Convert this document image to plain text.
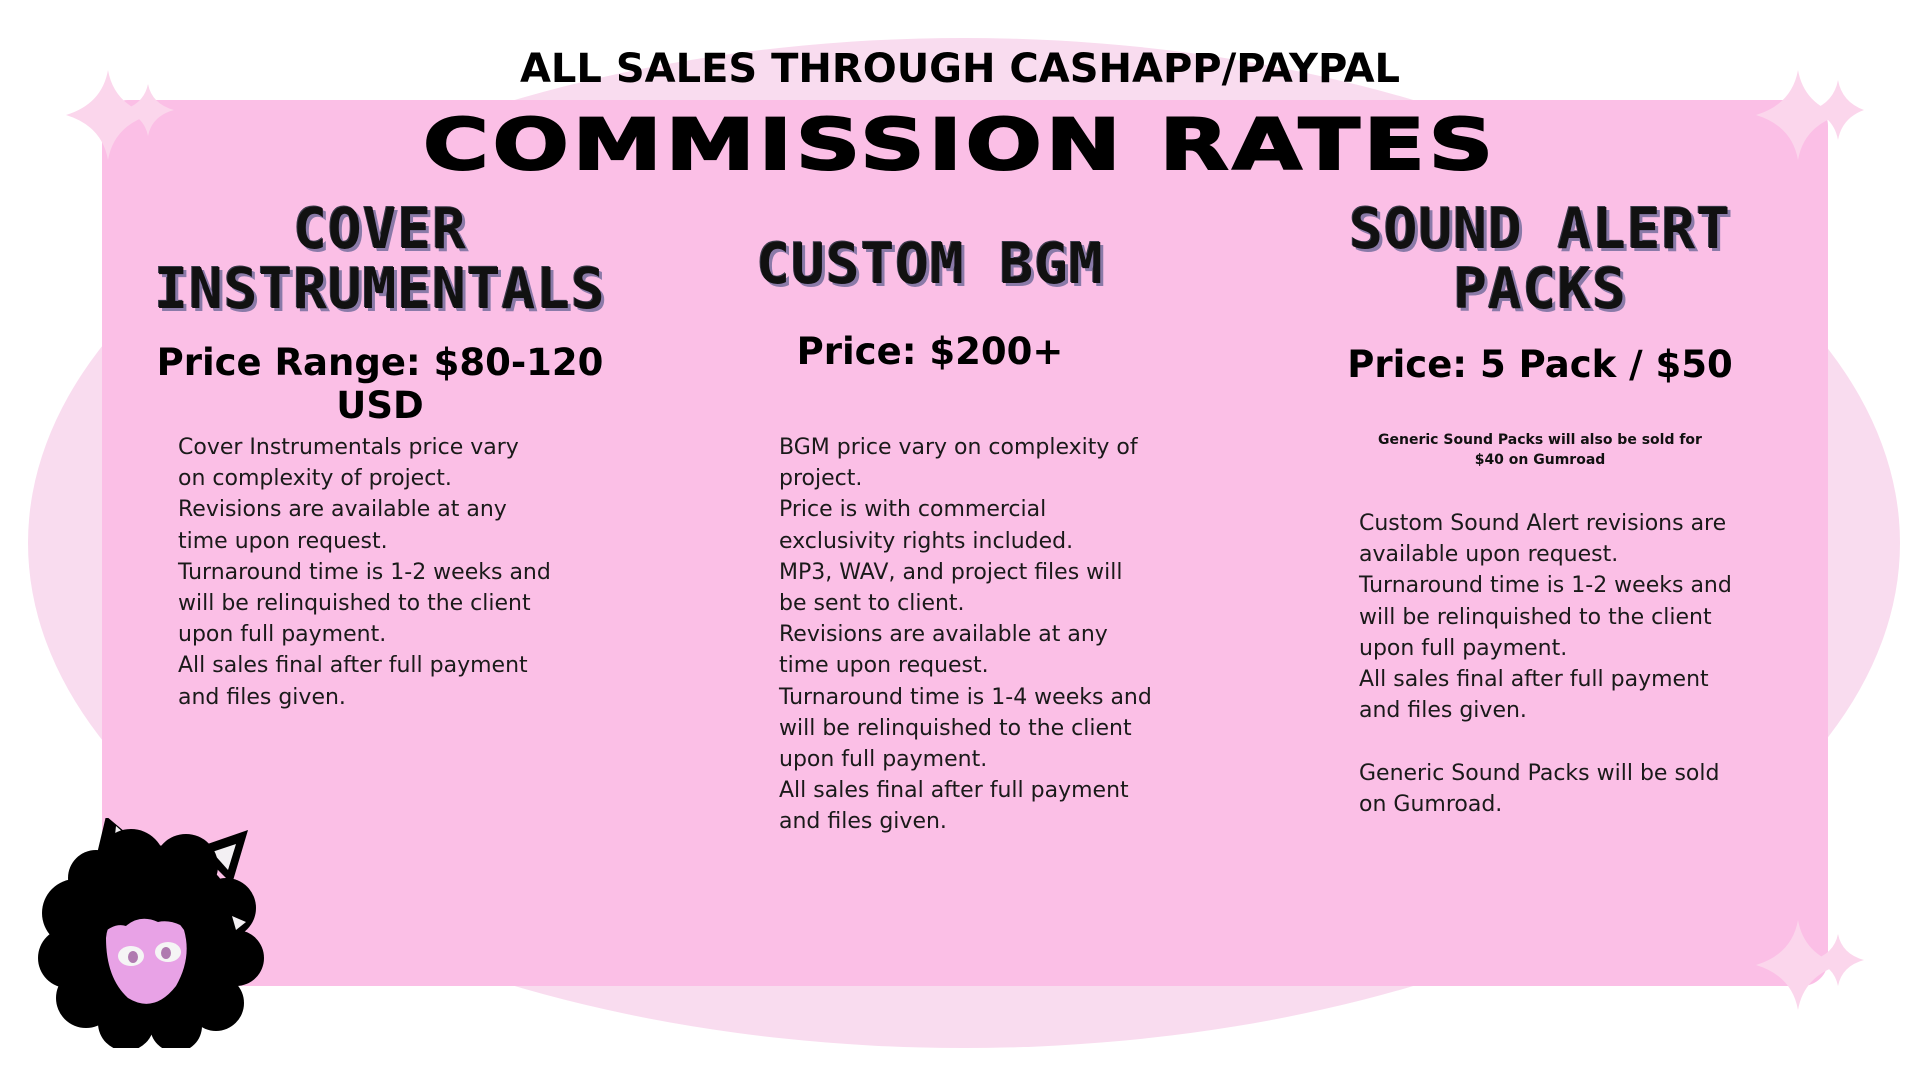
ALL SALES THROUGH CASHAPP/PAYPAL
COMMISSION RATES
COVER
INSTRUMENTALS
Price Range: $80-120 USD

Cover Instrumentals price vary
on complexity of project.
Revisions are available at any
time upon request.
Turnaround time is 1-2 weeks and
will be relinquished to the client
upon full payment.
All sales final after full payment
and files given.

CUSTOM BGM
Price: $200+

BGM price vary on complexity of
project.
Price is with commercial
exclusivity rights included.
MP3, WAV, and project files will
be sent to client.
Revisions are available at any
time upon request.
Turnaround time is 1-4 weeks and
will be relinquished to the client
upon full payment.
All sales final after full payment
and files given.

SOUND ALERT
PACKS
Price: 5 Pack / $50
Generic Sound Packs will also be sold for
$40 on Gumroad

Custom Sound Alert revisions are
available upon request.
Turnaround time is 1-2 weeks and
will be relinquished to the client
upon full payment.
All sales final after full payment
and files given.

Generic Sound Packs will be sold
on Gumroad.
